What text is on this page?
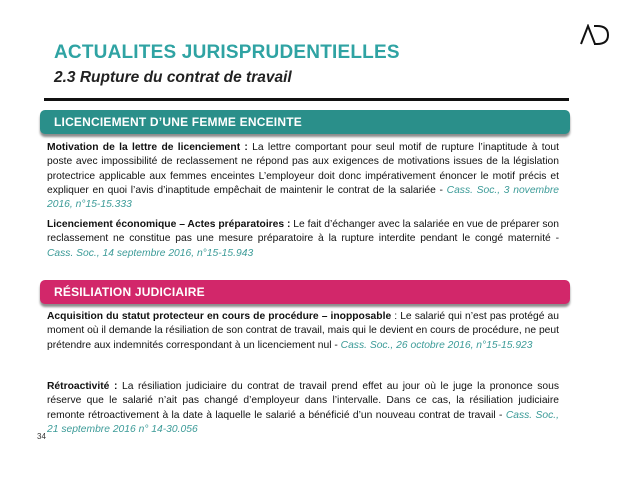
ACTUALITES JURISPRUDENTIELLES
2.3 Rupture du contrat de travail
LICENCIEMENT D’UNE FEMME ENCEINTE
Motivation de la lettre de licenciement : La lettre comportant pour seul motif de rupture l’inaptitude à tout poste avec impossibilité de reclassement ne répond pas aux exigences de motivations issues de la législation protectrice applicable aux femmes enceintes L’employeur doit donc impérativement énoncer le motif précis et expliquer en quoi l’avis d’inaptitude empêchait de maintenir le contrat de la salariée - Cass. Soc., 3 novembre 2016, n°15-15.333
Licenciement économique – Actes préparatoires : Le fait d’échanger avec la salariée en vue de préparer son reclassement ne constitue pas une mesure préparatoire à la rupture interdite pendant le congé maternité - Cass. Soc., 14 septembre 2016, n°15-15.943
RÉSILIATION JUDICIAIRE
Acquisition du statut protecteur en cours de procédure – inopposable : Le salarié qui n’est pas protégé au moment où il demande la résiliation de son contrat de travail, mais qui le devient en cours de procédure, ne peut prétendre aux indemnités correspondant à un licenciement nul - Cass. Soc., 26 octobre 2016, n°15-15.923
Rétroactivité : La résiliation judiciaire du contrat de travail prend effet au jour où le juge la prononce sous réserve que le salarié n’ait pas changé d’employeur dans l’intervalle. Dans ce cas, la résiliation judiciaire remonte rétroactivement à la date à laquelle le salarié a bénéficié d’un nouveau contrat de travail - Cass. Soc., 21 septembre 2016 n° 14-30.056
34
